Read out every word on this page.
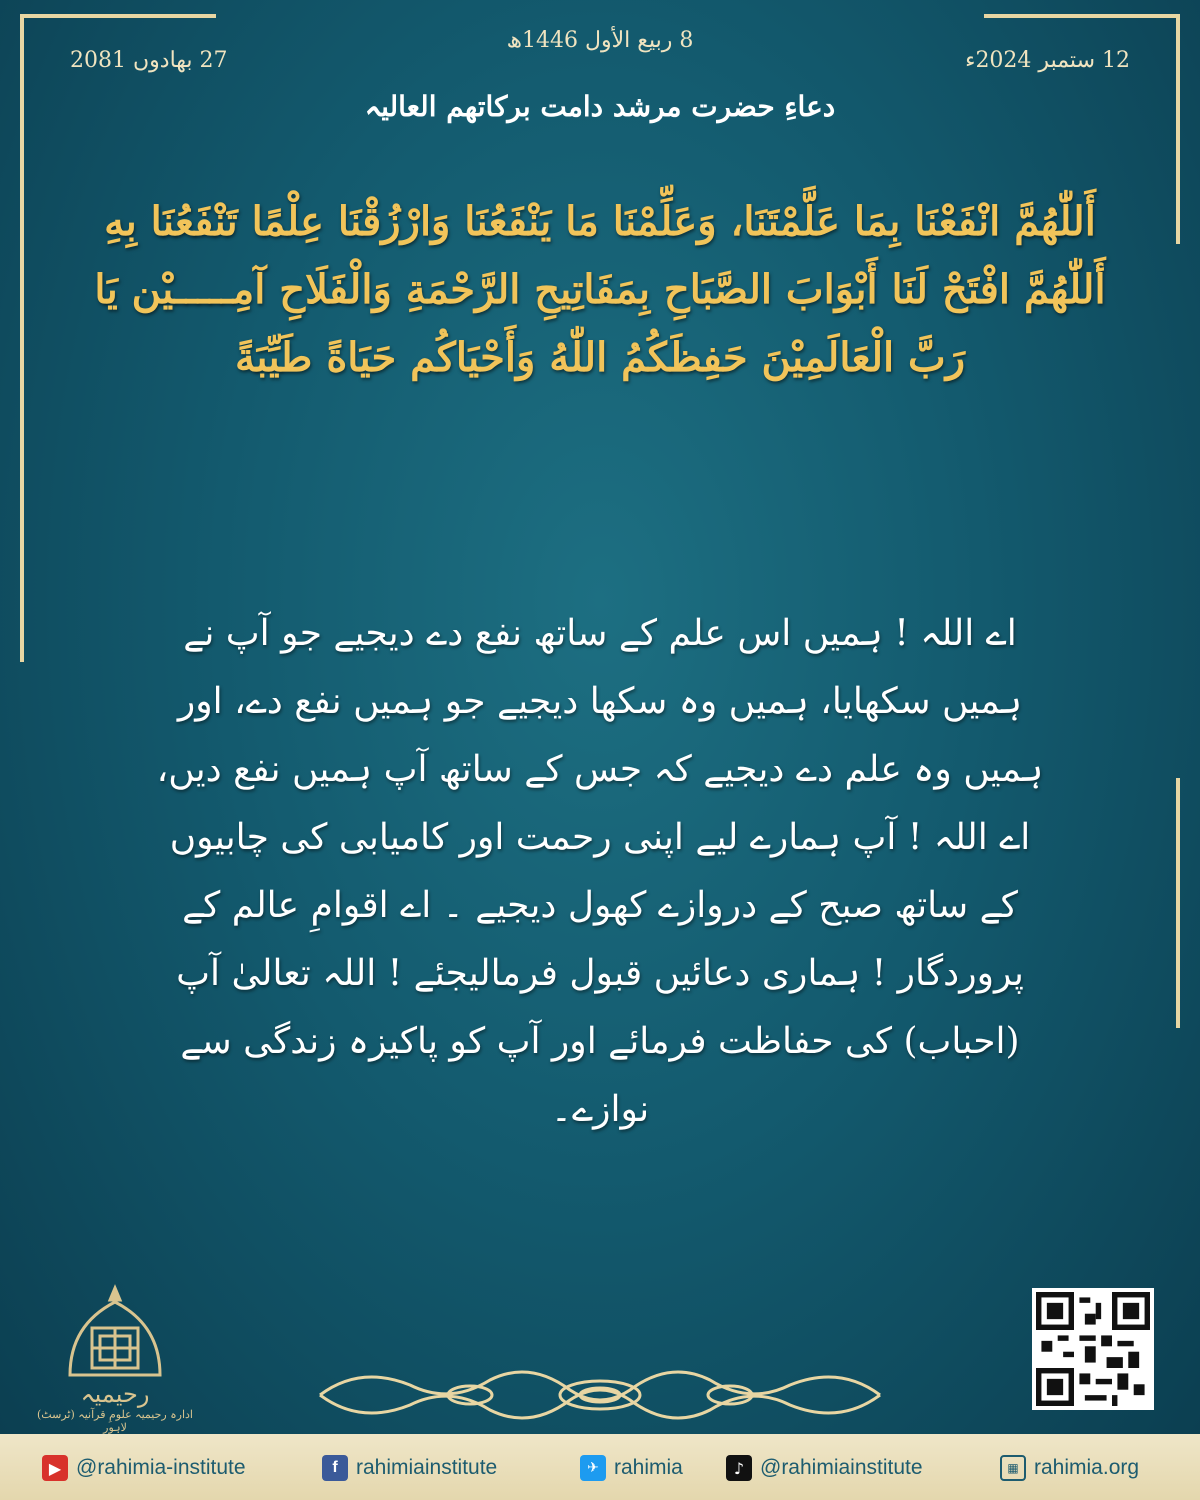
8 ربیع الأول 1446ھ
12 ستمبر 2024ء
27 بھادوں 2081
دعاءِ حضرت مرشد دامت برکاتھم العالیہ
أَللّٰهُمَّ انْفَعْنَا بِمَا عَلَّمْتَنَا، وَعَلِّمْنَا مَا يَنْفَعُنَا وَارْزُقْنَا عِلْمًا تَنْفَعُنَا بِهِ أَللّٰهُمَّ افْتَحْ لَنَا أَبْوَابَ الصَّبَاحِ بِمَفَاتِيحِ الرَّحْمَةِ وَالْفَلَاحِ آمِـــــيْن يَا رَبَّ الْعَالَمِيْنَ حَفِظَكُمُ اللّٰهُ وَأَحْيَاكُم حَيَاةً طَيِّبَةً
اے اللہ ! ہمیں اس علم کے ساتھ نفع دے دیجیے جو آپ نے ہمیں سکھایا، ہمیں وہ سکھا دیجیے جو ہمیں نفع دے، اور ہمیں وہ علم دے دیجیے کہ جس کے ساتھ آپ ہمیں نفع دیں، اے اللہ ! آپ ہمارے لیے اپنی رحمت اور کامیابی کی چابیوں کے ساتھ صبح کے دروازے کھول دیجیے ۔ اے اقوامِ عالم کے پروردگار ! ہماری دعائیں قبول فرمالیجئے ! اللہ تعالیٰ آپ (احباب) کی حفاظت فرمائے اور آپ کو پاکیزہ زندگی سے نوازے۔
رحیمیہ
ادارہ رحیمیہ علومِ قرآنیہ (ٹرسٹ) لاہور
▶ @rahimia-institute	f rahimiainstitute	✈ rahimia	♪ @rahimiainstitute	▦ rahimia.org
